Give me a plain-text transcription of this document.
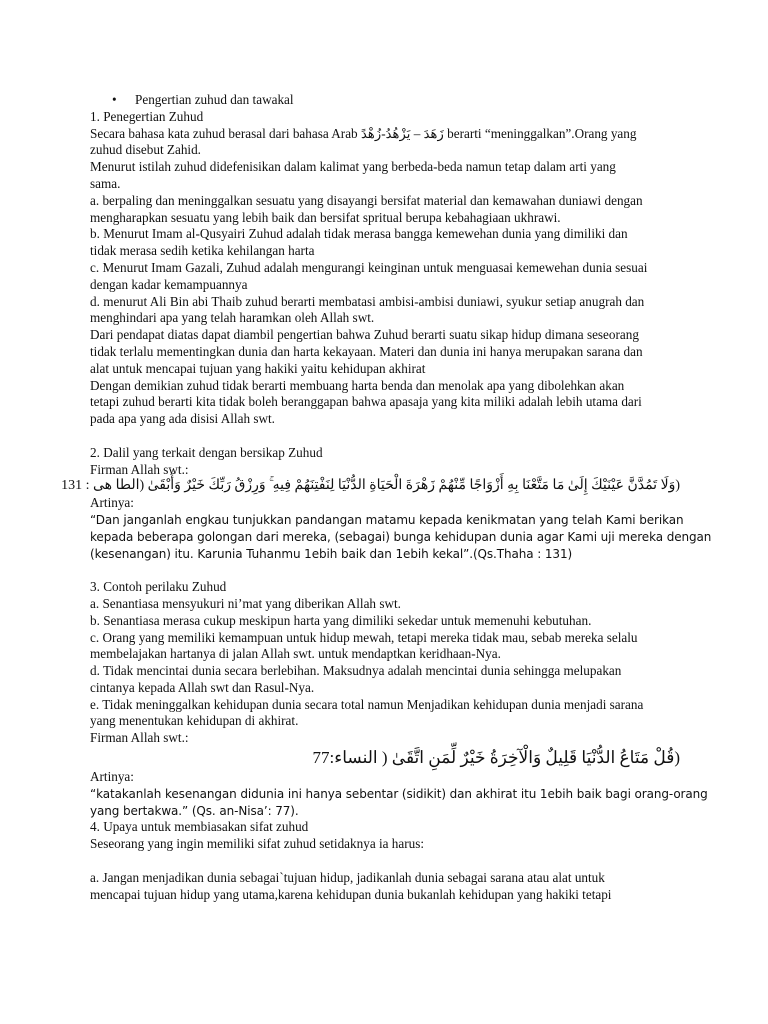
• Pengertian zuhud dan tawakal
1. Penegertian Zuhud
Secara bahasa kata zuhud berasal dari bahasa Arab زَهَدَ – يَزْهُدُ-زُهْدً berarti “meninggalkan”.Orang yang
zuhud disebut Zahid.
Menurut istilah zuhud didefenisikan dalam kalimat yang berbeda-beda namun tetap dalam arti yang
sama.
a. berpaling dan meninggalkan sesuatu yang disayangi bersifat material dan kemawahan duniawi dengan
mengharapkan sesuatu yang lebih baik dan bersifat spritual berupa kebahagiaan ukhrawi.
b. Menurut Imam al-Qusyairi Zuhud adalah tidak merasa bangga kemewehan dunia yang dimiliki dan
tidak merasa sedih ketika kehilangan harta
c. Menurut Imam Gazali, Zuhud adalah mengurangi keinginan untuk menguasai kemewehan dunia sesuai
dengan kadar kemampuannya
d. menurut Ali Bin abi Thaib zuhud berarti membatasi ambisi-ambisi duniawi, syukur setiap anugrah dan
menghindari apa yang telah haramkan oleh Allah swt.
Dari pendapat diatas dapat diambil pengertian bahwa Zuhud berarti suatu sikap hidup dimana seseorang
tidak terlalu mementingkan dunia dan harta kekayaan. Materi dan dunia ini hanya merupakan sarana dan
alat untuk mencapai tujuan yang hakiki yaitu kehidupan akhirat
Dengan demikian zuhud tidak berarti membuang harta benda dan menolak apa yang dibolehkan akan
tetapi zuhud berarti kita tidak boleh beranggapan bahwa apasaja yang kita miliki adalah lebih utama dari
pada apa yang ada disisi Allah swt.
2. Dalil yang terkait dengan bersikap Zuhud
Firman Allah swt.:
(وَلَا تَمُدَّنَّ عَيْنَيْكَ إِلَىٰ مَا مَتَّعْنَا بِهِ أَزْوَاجًا مِّنْهُمْ زَهْرَةَ الْحَيَاةِ الدُّنْيَا لِنَفْتِنَهُمْ فِيهِ ۚ وَرِزْقُ رَبِّكَ خَيْرٌ وَأَبْقَىٰ (الطا هى : 131
Artinya:
“Dan janganlah engkau tunjukkan pandangan matamu kepada kenikmatan yang telah Kami berikan
kepada beberapa golongan dari mereka, (sebagai) bunga kehidupan dunia agar Kami uji mereka dengan
(kesenangan) itu. Karunia Tuhanmu 1ebih baik dan 1ebih kekal”.(Qs.Thaha : 131)
3. Contoh perilaku Zuhud
a. Senantiasa mensyukuri ni’mat yang diberikan Allah swt.
b. Senantiasa merasa cukup meskipun harta yang dimiliki sekedar untuk memenuhi kebutuhan.
c. Orang yang memiliki kemampuan untuk hidup mewah, tetapi mereka tidak mau, sebab mereka selalu
membelajakan hartanya di jalan Allah swt. untuk mendaptkan keridhaan-Nya.
d. Tidak mencintai dunia secara berlebihan. Maksudnya adalah mencintai dunia sehingga melupakan
cintanya kepada Allah swt dan Rasul-Nya.
e. Tidak meninggalkan kehidupan dunia secara total namun Menjadikan kehidupan dunia menjadi sarana
yang menentukan kehidupan di akhirat.
Firman Allah swt.:
(قُلْ مَتَاعُ الدُّنْيَا قَلِيلٌ وَالْآخِرَةُ خَيْرٌ لِّمَنِ اتَّقَىٰ ( النساء:77
Artinya:
“katakanlah kesenangan didunia ini hanya sebentar (sidikit) dan akhirat itu 1ebih baik bagi orang-orang
yang bertakwa.” (Qs. an-Nisa’: 77).
4. Upaya untuk membiasakan sifat zuhud
Seseorang yang ingin memiliki sifat zuhud setidaknya ia harus:
a. Jangan menjadikan dunia sebagai`tujuan hidup, jadikanlah dunia sebagai sarana atau alat untuk
mencapai tujuan hidup yang utama,karena kehidupan dunia bukanlah kehidupan yang hakiki tetapi
